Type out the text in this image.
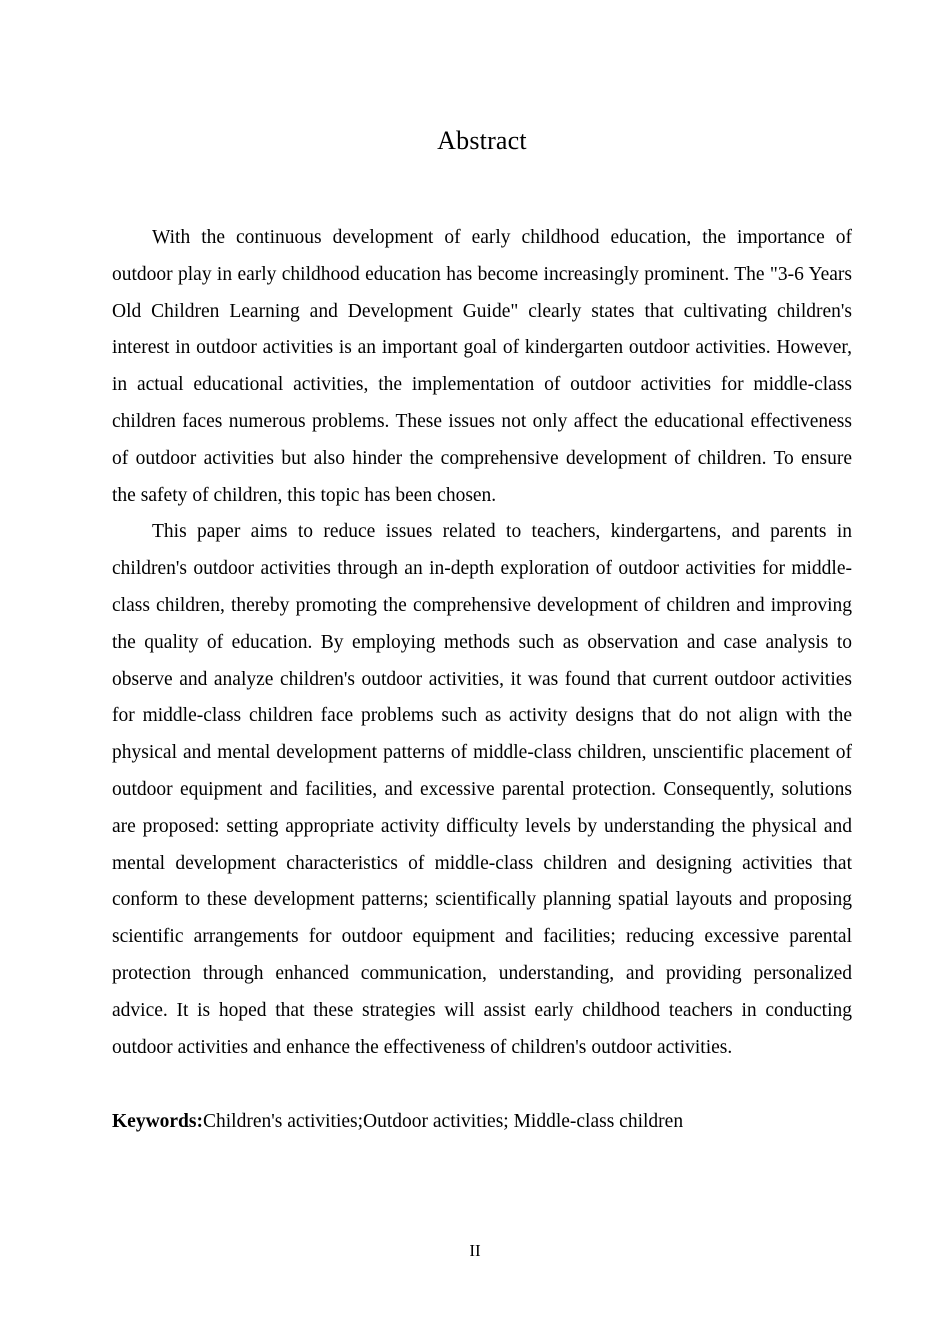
Abstract

With the continuous development of early childhood education, the importance of outdoor play in early childhood education has become increasingly prominent. The "3-6 Years Old Children Learning and Development Guide" clearly states that cultivating children's interest in outdoor activities is an important goal of kindergarten outdoor activities. However, in actual educational activities, the implementation of outdoor activities for middle-class children faces numerous problems. These issues not only affect the educational effectiveness of outdoor activities but also hinder the comprehensive development of children. To ensure the safety of children, this topic has been chosen.

This paper aims to reduce issues related to teachers, kindergartens, and parents in children's outdoor activities through an in-depth exploration of outdoor activities for middle-class children, thereby promoting the comprehensive development of children and improving the quality of education. By employing methods such as observation and case analysis to observe and analyze children's outdoor activities, it was found that current outdoor activities for middle-class children face problems such as activity designs that do not align with the physical and mental development patterns of middle-class children, unscientific placement of outdoor equipment and facilities, and excessive parental protection. Consequently, solutions are proposed: setting appropriate activity difficulty levels by understanding the physical and mental development characteristics of middle-class children and designing activities that conform to these development patterns; scientifically planning spatial layouts and proposing scientific arrangements for outdoor equipment and facilities; reducing excessive parental protection through enhanced communication, understanding, and providing personalized advice. It is hoped that these strategies will assist early childhood teachers in conducting outdoor activities and enhance the effectiveness of children's outdoor activities.

Keywords:Children's activities;Outdoor activities; Middle-class children

II
